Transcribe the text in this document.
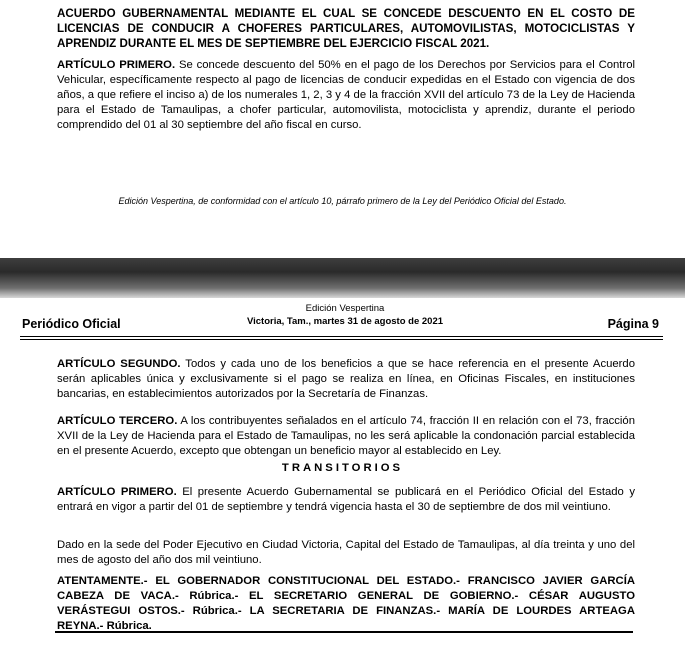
ACUERDO GUBERNAMENTAL MEDIANTE EL CUAL SE CONCEDE DESCUENTO EN EL COSTO DE LICENCIAS DE CONDUCIR A CHOFERES PARTICULARES, AUTOMOVILISTAS, MOTOCICLISTAS Y APRENDIZ DURANTE EL MES DE SEPTIEMBRE DEL EJERCICIO FISCAL 2021.

ARTÍCULO PRIMERO. Se concede descuento del 50% en el pago de los Derechos por Servicios para el Control Vehicular, específicamente respecto al pago de licencias de conducir expedidas en el Estado con vigencia de dos años, a que refiere el inciso a) de los numerales 1, 2, 3 y 4 de la fracción XVII del artículo 73 de la Ley de Hacienda para el Estado de Tamaulipas, a chofer particular, automovilista, motociclista y aprendiz, durante el periodo comprendido del 01 al 30 septiembre del año fiscal en curso.

Edición Vespertina, de conformidad con el artículo 10, párrafo primero de la Ley del Periódico Oficial del Estado.
Periódico Oficial
Edición Vespertina
Victoria, Tam., martes 31 de agosto de 2021	Página 9

ARTÍCULO SEGUNDO. Todos y cada uno de los beneficios a que se hace referencia en el presente Acuerdo serán aplicables única y exclusivamente si el pago se realiza en línea, en Oficinas Fiscales, en instituciones bancarias, en establecimientos autorizados por la Secretaría de Finanzas.

ARTÍCULO TERCERO. A los contribuyentes señalados en el artículo 74, fracción II en relación con el 73, fracción XVII de la Ley de Hacienda para el Estado de Tamaulipas, no les será aplicable la condonación parcial establecida en el presente Acuerdo, excepto que obtengan un beneficio mayor al establecido en Ley.

TRANSITORIOS

ARTÍCULO PRIMERO. El presente Acuerdo Gubernamental se publicará en el Periódico Oficial del Estado y entrará en vigor a partir del 01 de septiembre y tendrá vigencia hasta el 30 de septiembre de dos mil veintiuno.

Dado en la sede del Poder Ejecutivo en Ciudad Victoria, Capital del Estado de Tamaulipas, al día treinta y uno del mes de agosto del año dos mil veintiuno.

ATENTAMENTE.- EL GOBERNADOR CONSTITUCIONAL DEL ESTADO.- FRANCISCO JAVIER GARCÍA CABEZA DE VACA.- Rúbrica.- EL SECRETARIO GENERAL DE GOBIERNO.- CÉSAR AUGUSTO VERÁSTEGUI OSTOS.- Rúbrica.- LA SECRETARIA DE FINANZAS.- MARÍA DE LOURDES ARTEAGA REYNA.- Rúbrica.
